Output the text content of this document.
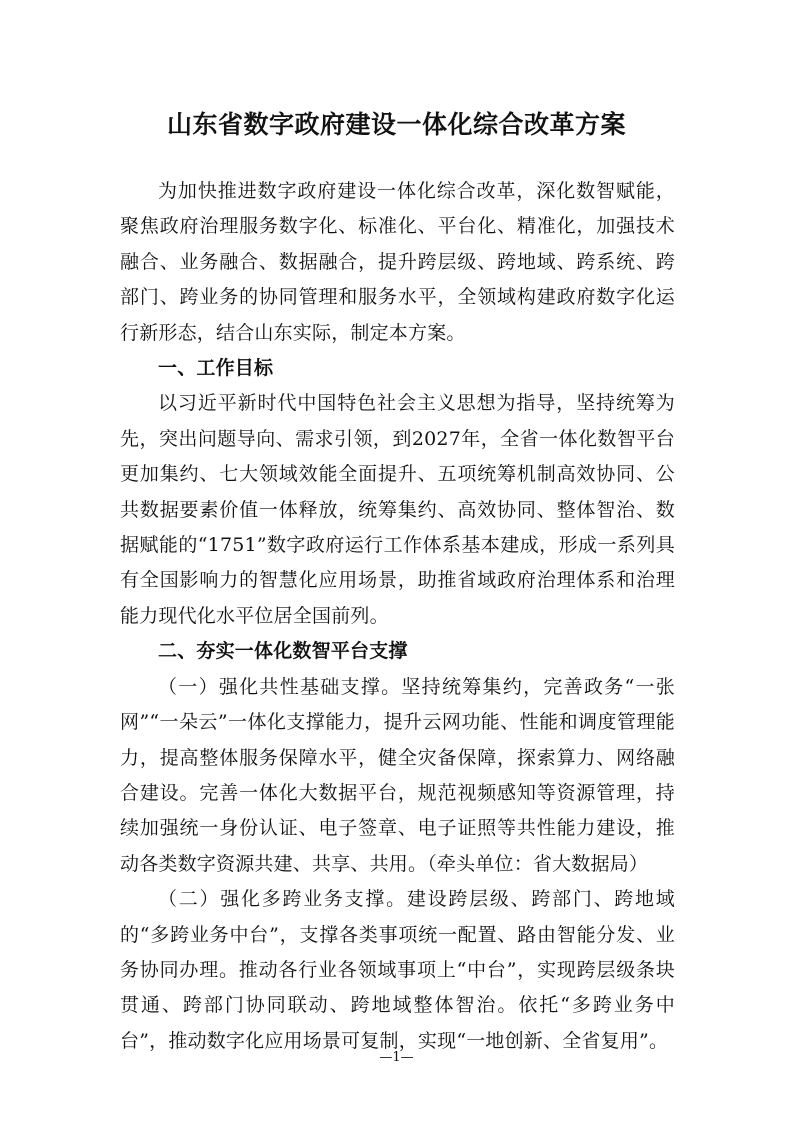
山东省数字政府建设一体化综合改革方案

为加快推进数字政府建设一体化综合改革，深化数智赋能，聚焦政府治理服务数字化、标准化、平台化、精准化，加强技术融合、业务融合、数据融合，提升跨层级、跨地域、跨系统、跨部门、跨业务的协同管理和服务水平，全领域构建政府数字化运行新形态，结合山东实际，制定本方案。

一、工作目标

以习近平新时代中国特色社会主义思想为指导，坚持统筹为先，突出问题导向、需求引领，到2027年，全省一体化数智平台更加集约、七大领域效能全面提升、五项统筹机制高效协同、公共数据要素价值一体释放，统筹集约、高效协同、整体智治、数据赋能的“1751”数字政府运行工作体系基本建成，形成一系列具有全国影响力的智慧化应用场景，助推省域政府治理体系和治理能力现代化水平位居全国前列。

二、夯实一体化数智平台支撑

（一）强化共性基础支撑。坚持统筹集约，完善政务“一张网”“一朵云”一体化支撑能力，提升云网功能、性能和调度管理能力，提高整体服务保障水平，健全灾备保障，探索算力、网络融合建设。完善一体化大数据平台，规范视频感知等资源管理，持续加强统一身份认证、电子签章、电子证照等共性能力建设，推动各类数字资源共建、共享、共用。（牵头单位：省大数据局）

（二）强化多跨业务支撑。建设跨层级、跨部门、跨地域的“多跨业务中台”，支撑各类事项统一配置、路由智能分发、业务协同办理。推动各行业各领域事项上“中台”，实现跨层级条块贯通、跨部门协同联动、跨地域整体智治。依托“多跨业务中台”，推动数字化应用场景可复制，实现“一地创新、全省复用”。

—1—
